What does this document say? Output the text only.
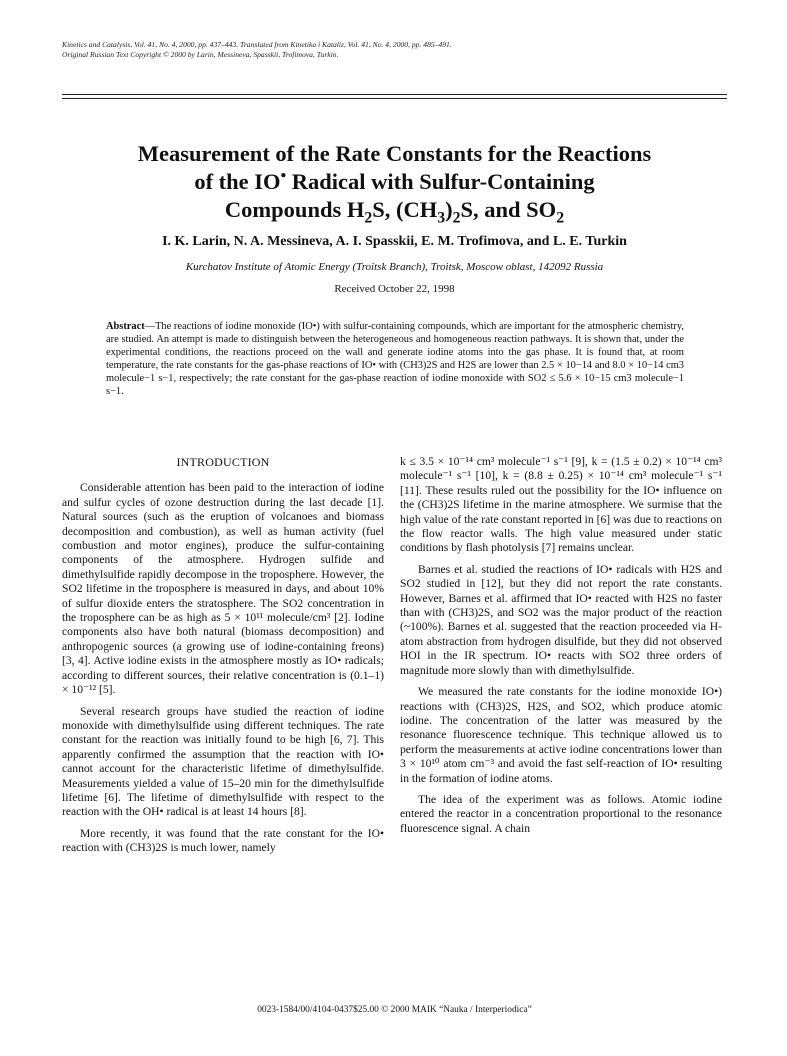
Kinetics and Catalysis, Vol. 41, No. 4, 2000, pp. 437–443. Translated from Kinetika i Kataliz, Vol. 41, No. 4, 2000, pp. 485–491.
Original Russian Text Copyright © 2000 by Larin, Messineva, Spasskii, Trofimova, Turkin.
Measurement of the Rate Constants for the Reactions
of the IO• Radical with Sulfur-Containing
Compounds $H_2S$, $(CH_3)_2S$, and $SO_2$
I. K. Larin, N. A. Messineva, A. I. Spasskii, E. M. Trofimova, and L. E. Turkin
Kurchatov Institute of Atomic Energy (Troitsk Branch), Troitsk, Moscow oblast, 142092 Russia
Received October 22, 1998
Abstract—The reactions of iodine monoxide (IO•) with sulfur-containing compounds, which are important for the atmospheric chemistry, are studied. An attempt is made to distinguish between the heterogeneous and homogeneous reaction pathways. It is shown that, under the experimental conditions, the reactions proceed on the wall and generate iodine atoms into the gas phase. It is found that, at room temperature, the rate constants for the gas-phase reactions of IO• with (CH3)2S and H2S are lower than 2.5 × 10−14 and 8.0 × 10−14 cm3 molecule−1 s−1, respectively; the rate constant for the gas-phase reaction of iodine monoxide with SO2 ≤ 5.6 × 10−15 cm3 molecule−1 s−1.
INTRODUCTION

Considerable attention has been paid to the interaction of iodine and sulfur cycles of ozone destruction during the last decade [1]. Natural sources (such as the eruption of volcanoes and biomass decomposition and combustion), as well as human activity (fuel combustion and motor engines), produce the sulfur-containing components of the atmosphere. Hydrogen sulfide and dimethylsulfide rapidly decompose in the troposphere. However, the SO2 lifetime in the troposphere is measured in days, and about 10% of sulfur dioxide enters the stratosphere. The SO2 concentration in the troposphere can be as high as 5 × 10¹¹ molecule/cm³ [2]. Iodine components also have both natural (biomass decomposition) and anthropogenic sources (a growing use of iodine-containing freons) [3, 4]. Active iodine exists in the atmosphere mostly as IO• radicals; according to different sources, their relative concentration is (0.1–1) × 10⁻¹² [5].

Several research groups have studied the reaction of iodine monoxide with dimethylsulfide using different techniques. The rate constant for the reaction was initially found to be high [6, 7]. This apparently confirmed the assumption that the reaction with IO• cannot account for the characteristic lifetime of dimethylsulfide. Measurements yielded a value of 15–20 min for the dimethylsulfide lifetime [6]. The lifetime of dimethylsulfide with respect to the reaction with the OH• radical is at least 14 hours [8].

More recently, it was found that the rate constant for the IO• reaction with (CH3)2S is much lower, namely

k ≤ 3.5 × 10⁻¹⁴ cm³ molecule⁻¹ s⁻¹ [9], k = (1.5 ± 0.2) × 10⁻¹⁴ cm³ molecule⁻¹ s⁻¹ [10], k = (8.8 ± 0.25) × 10⁻¹⁴ cm³ molecule⁻¹ s⁻¹ [11]. These results ruled out the possibility for the IO• influence on the (CH3)2S lifetime in the marine atmosphere. We surmise that the high value of the rate constant reported in [6] was due to reactions on the flow reactor walls. The high value measured under static conditions by flash photolysis [7] remains unclear.

Barnes et al. studied the reactions of IO• radicals with H2S and SO2 studied in [12], but they did not report the rate constants. However, Barnes et al. affirmed that IO• reacted with H2S no faster than with (CH3)2S, and SO2 was the major product of the reaction (~100%). Barnes et al. suggested that the reaction proceeded via H-atom abstraction from hydrogen disulfide, but they did not observed HOI in the IR spectrum. IO• reacts with SO2 three orders of magnitude more slowly than with dimethylsulfide.

We measured the rate constants for the iodine monoxide IO•) reactions with (CH3)2S, H2S, and SO2, which produce atomic iodine. The concentration of the latter was measured by the resonance fluorescence technique. This technique allowed us to perform the measurements at active iodine concentrations lower than 3 × 10¹⁰ atom cm⁻³ and avoid the fast self-reaction of IO• resulting in the formation of iodine atoms.

The idea of the experiment was as follows. Atomic iodine entered the reactor in a concentration proportional to the resonance fluorescence signal. A chain

0023-1584/00/4104-0437$25.00 © 2000 MAIK “Nauka / Interperiodica”
